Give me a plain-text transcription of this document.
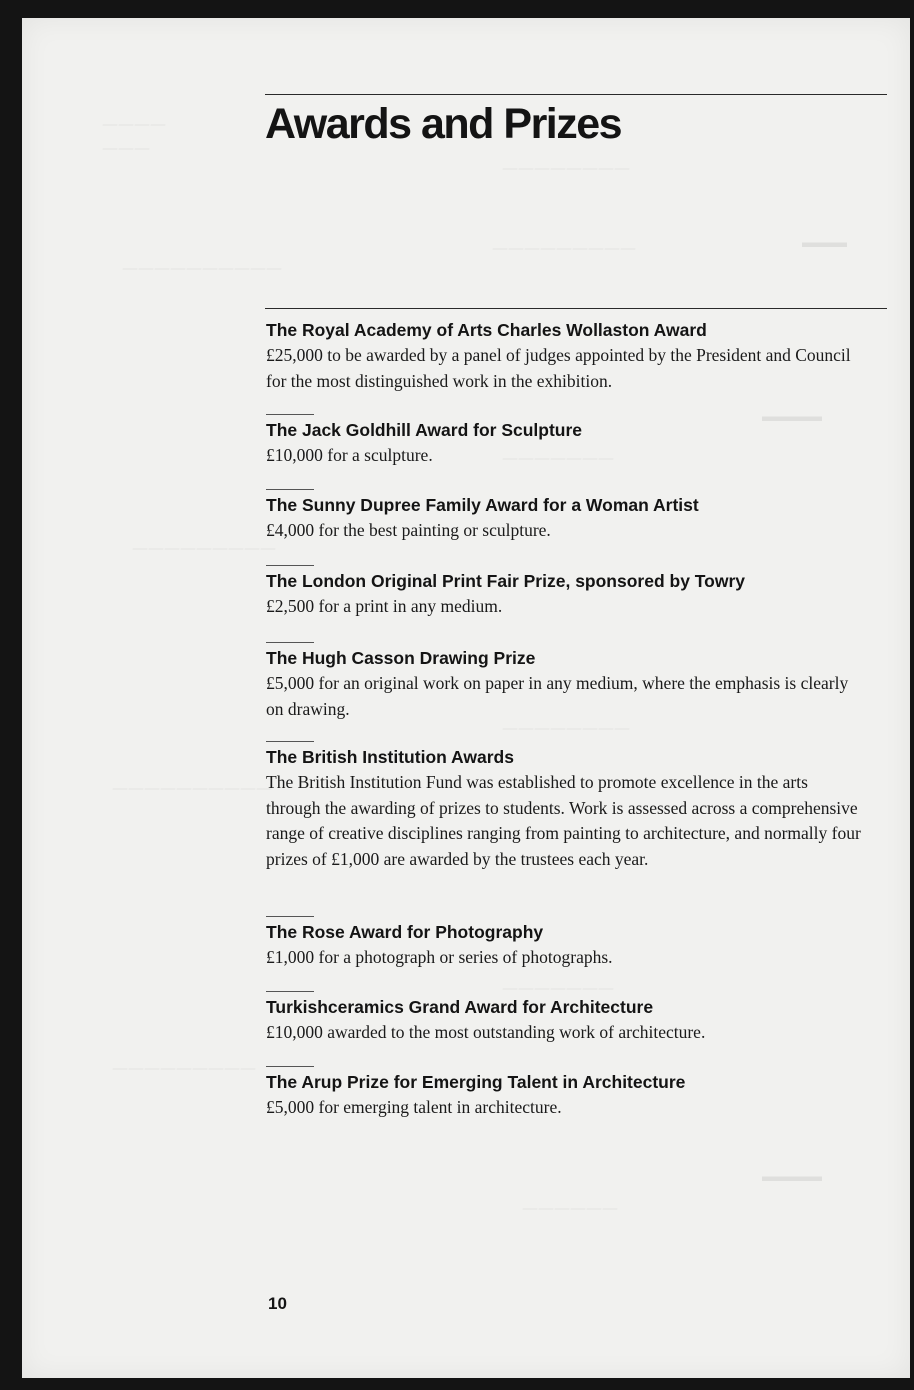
————
———
————————
—————————
——————————
———————
—————————
————————
——————————
———————
—————————
——————
▬▬▬
▬▬▬▬
▬▬▬▬
Awards and Prizes
The Royal Academy of Arts Charles Wollaston Award
£25,000 to be awarded by a panel of judges appointed by the President and Council for the most distinguished work in the exhibition.
The Jack Goldhill Award for Sculpture
£10,000 for a sculpture.
The Sunny Dupree Family Award for a Woman Artist
£4,000 for the best painting or sculpture.
The London Original Print Fair Prize, sponsored by Towry
£2,500 for a print in any medium.
The Hugh Casson Drawing Prize
£5,000 for an original work on paper in any medium, where the emphasis is clearly on drawing.
The British Institution Awards
The British Institution Fund was established to promote excellence in the arts through the awarding of prizes to students. Work is assessed across a comprehensive range of creative disciplines ranging from painting to architecture, and normally four prizes of £1,000 are awarded by the trustees each year.
The Rose Award for Photography
£1,000 for a photograph or series of photographs.
Turkishceramics Grand Award for Architecture
£10,000 awarded to the most outstanding work of architecture.
The Arup Prize for Emerging Talent in Architecture
£5,000 for emerging talent in architecture.
10
